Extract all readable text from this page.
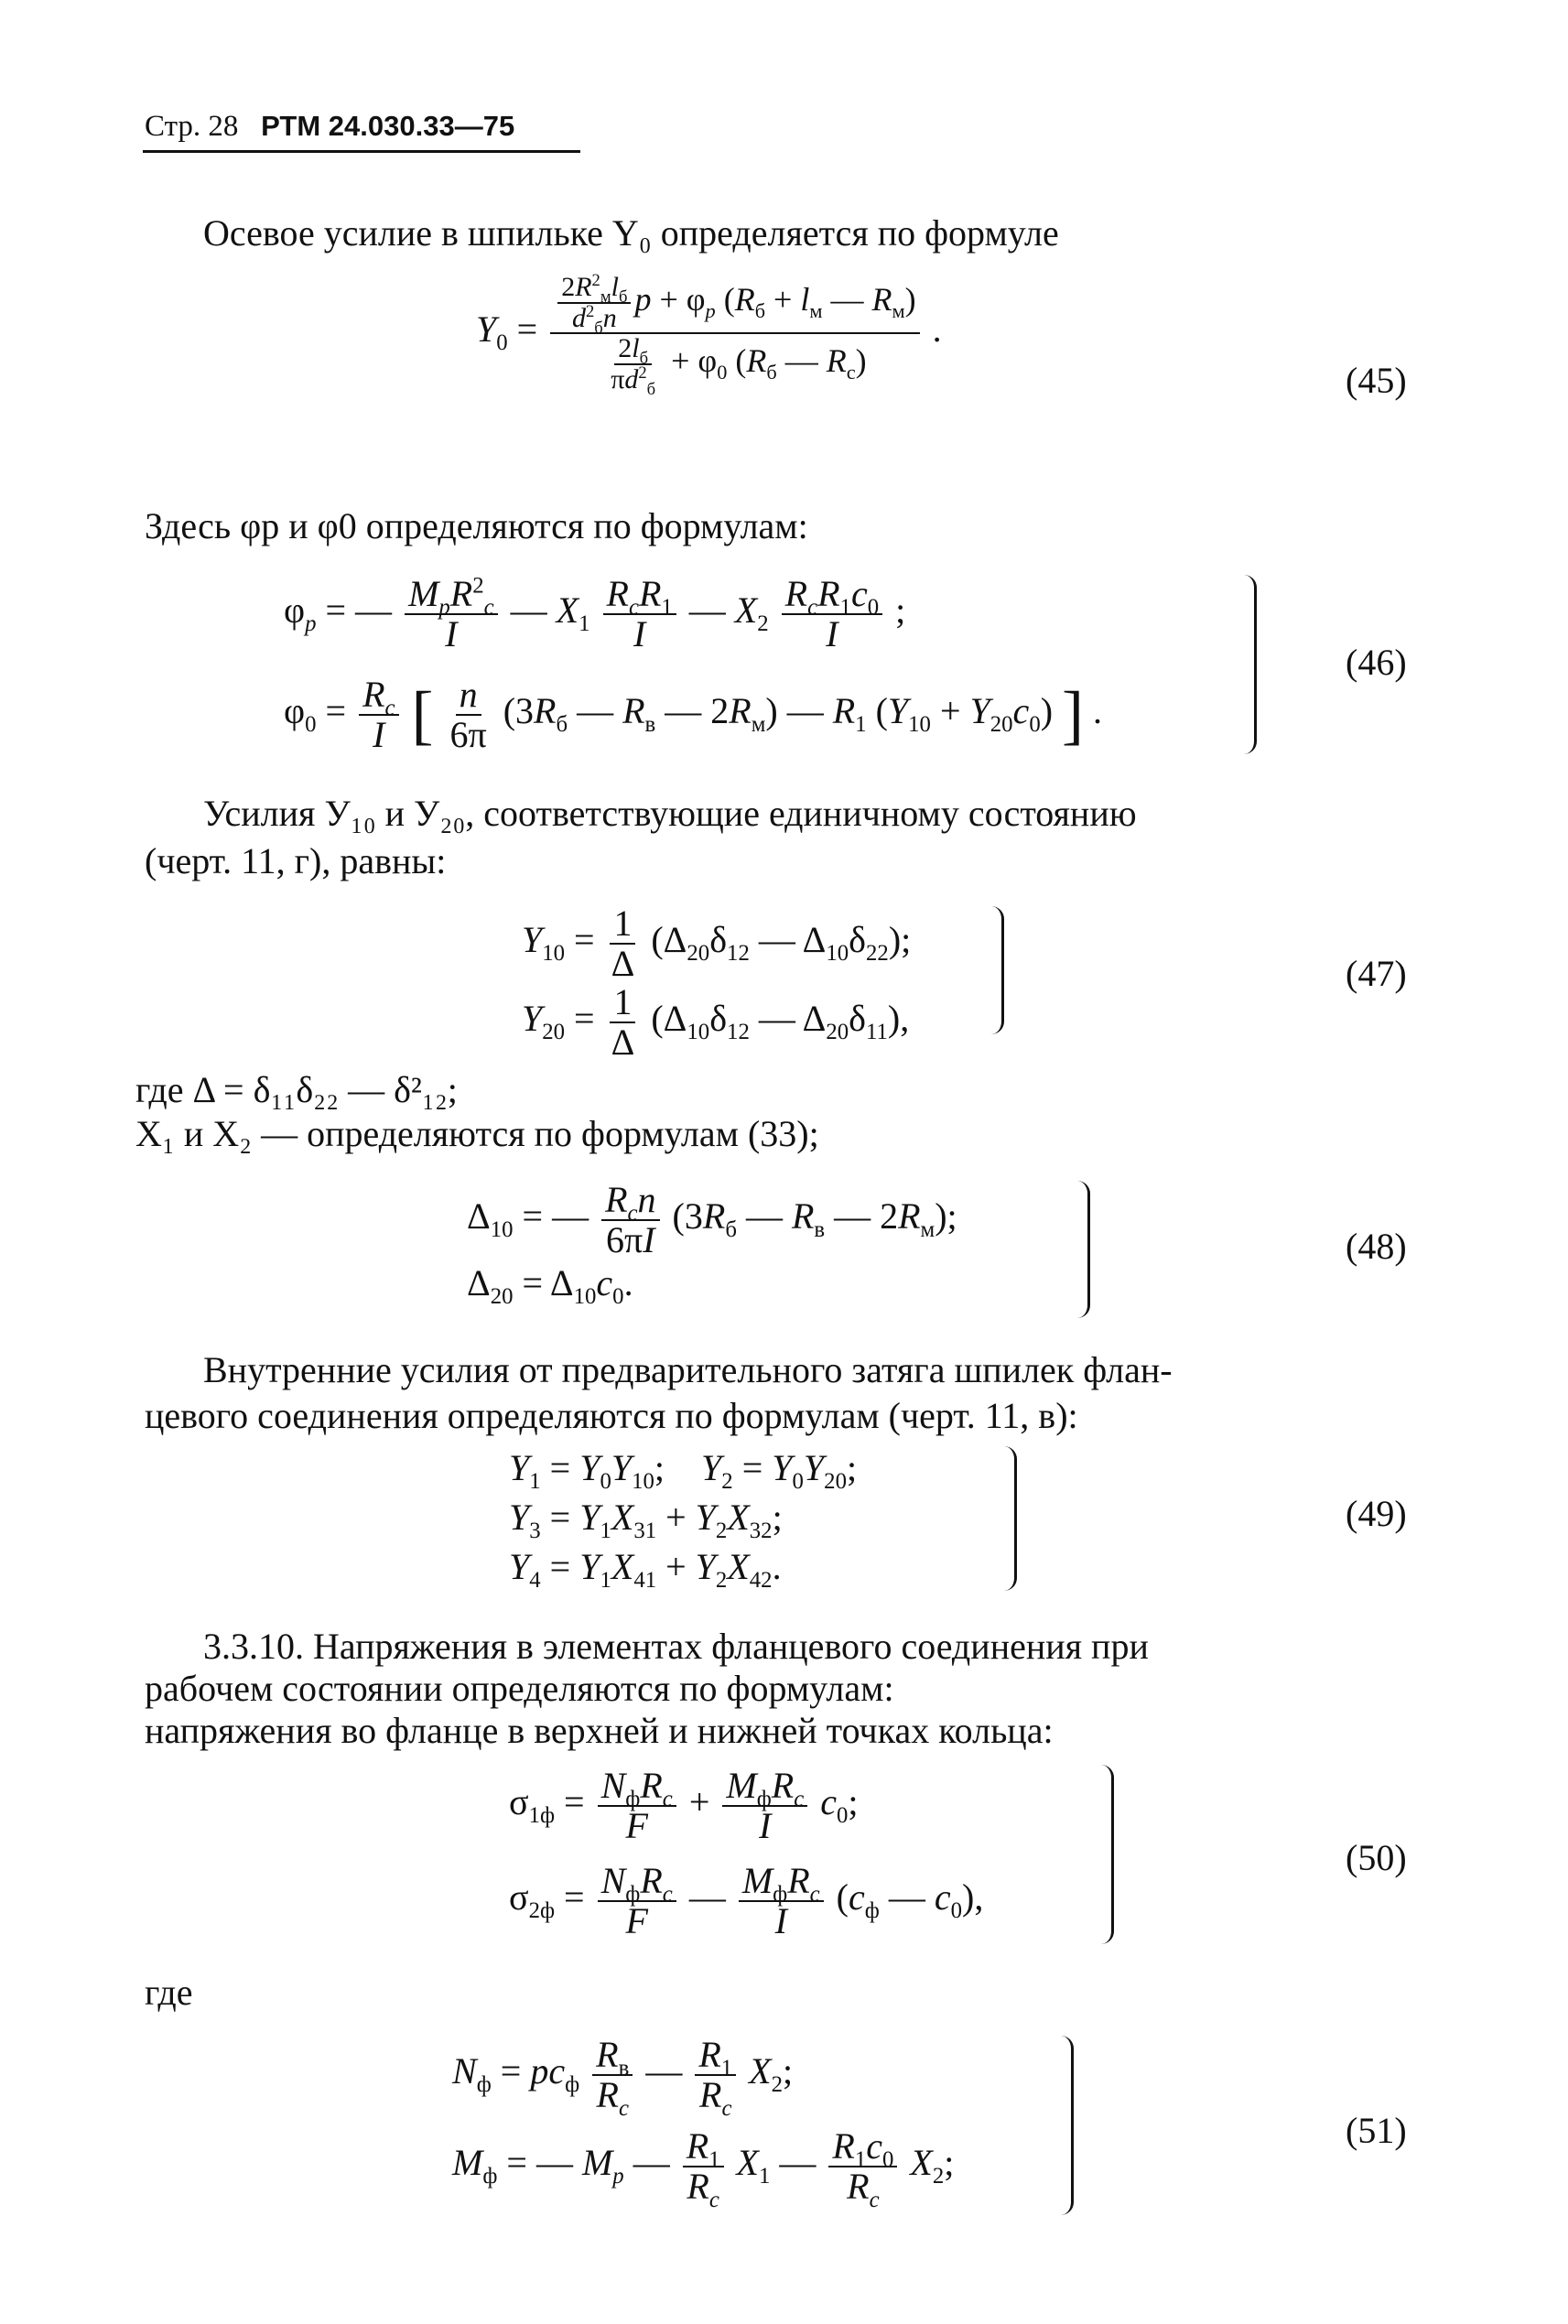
Стр. 28 РТМ 24.030.33—75
Осевое усилие в шпильке Y₀ определяется по формуле
$Y_0 = \frac{\frac{2R^2_мl_б}{d^2_бn} p + \varphi_p (R_б + l_м — R_м)}{\frac{2l_б}{\pi d^2_б} + \varphi_0 (R_б — R_c)}$ .
(45)
Здесь φp и φ0 определяются по формулам:
$\varphi_p$ = — $\frac{M_pR^2_c}{I}$ — $X_1 \frac{R_cR_1}{I}$ — $X_2 \frac{R_cR_1c_0}{I}$ ;
$\varphi_0 = \frac{R_c}{I}$ [ $\frac{n}{6\pi} (3R_б$ — $R_в$ — $2R_м$) — $R_1$ $(Y_{10} + Y_{20}c_0)$ ] .
(46)
Усилия У₁₀ и У₂₀, соответствующие единичному состоянию
(черт. 11, г), равны:
$Y_{10} = \frac{1}{\Delta} (\Delta_{20}\delta_{12}$ — $\Delta_{10}\delta_{22}$);
$Y_{20} = \frac{1}{\Delta} (\Delta_{10}\delta_{12}$ — $\Delta_{20}\delta_{11}$),
(47)
где Δ = δ₁₁δ₂₂ — δ²₁₂;
X₁ и X₂ — определяются по формулам (33);
$\Delta_{10}$ = — $\frac{R_cn}{6\pi I} (3R_б$ — $R_в$ — $2R_м$);
$\Delta_{20} = \Delta_{10}c_0$.
(48)
Внутренние усилия от предварительного затяга шпилек флан-
цевого соединения определяются по формулам (черт. 11, в):
$Y_1 = Y_0Y_{10}$;    $Y_2 = Y_0Y_{20}$;
$Y_3 = Y_1X_{31} + Y_2X_{32}$;
$Y_4 = Y_1X_{41} + Y_2X_{42}$.
(49)
3.3.10. Напряжения в элементах фланцевого соединения при
рабочем состоянии определяются по формулам:
напряжения во фланце в верхней и нижней точках кольца:
$\sigma_{1ф} = \frac{N_фR_c}{F} + \frac{M_фR_c}{I} c_0$;
$\sigma_{2ф} = \frac{N_фR_c}{F}$ — $\frac{M_фR_c}{I} (c_ф$ — $c_0$),
(50)
где
$N_ф = pc_ф \frac{R_в}{R_c}$ — $\frac{R_1}{R_c} X_2$;
$M_ф$ = — $M_p$ — $\frac{R_1}{R_c} X_1$ — $\frac{R_1c_0}{R_c} X_2$;
(51)
